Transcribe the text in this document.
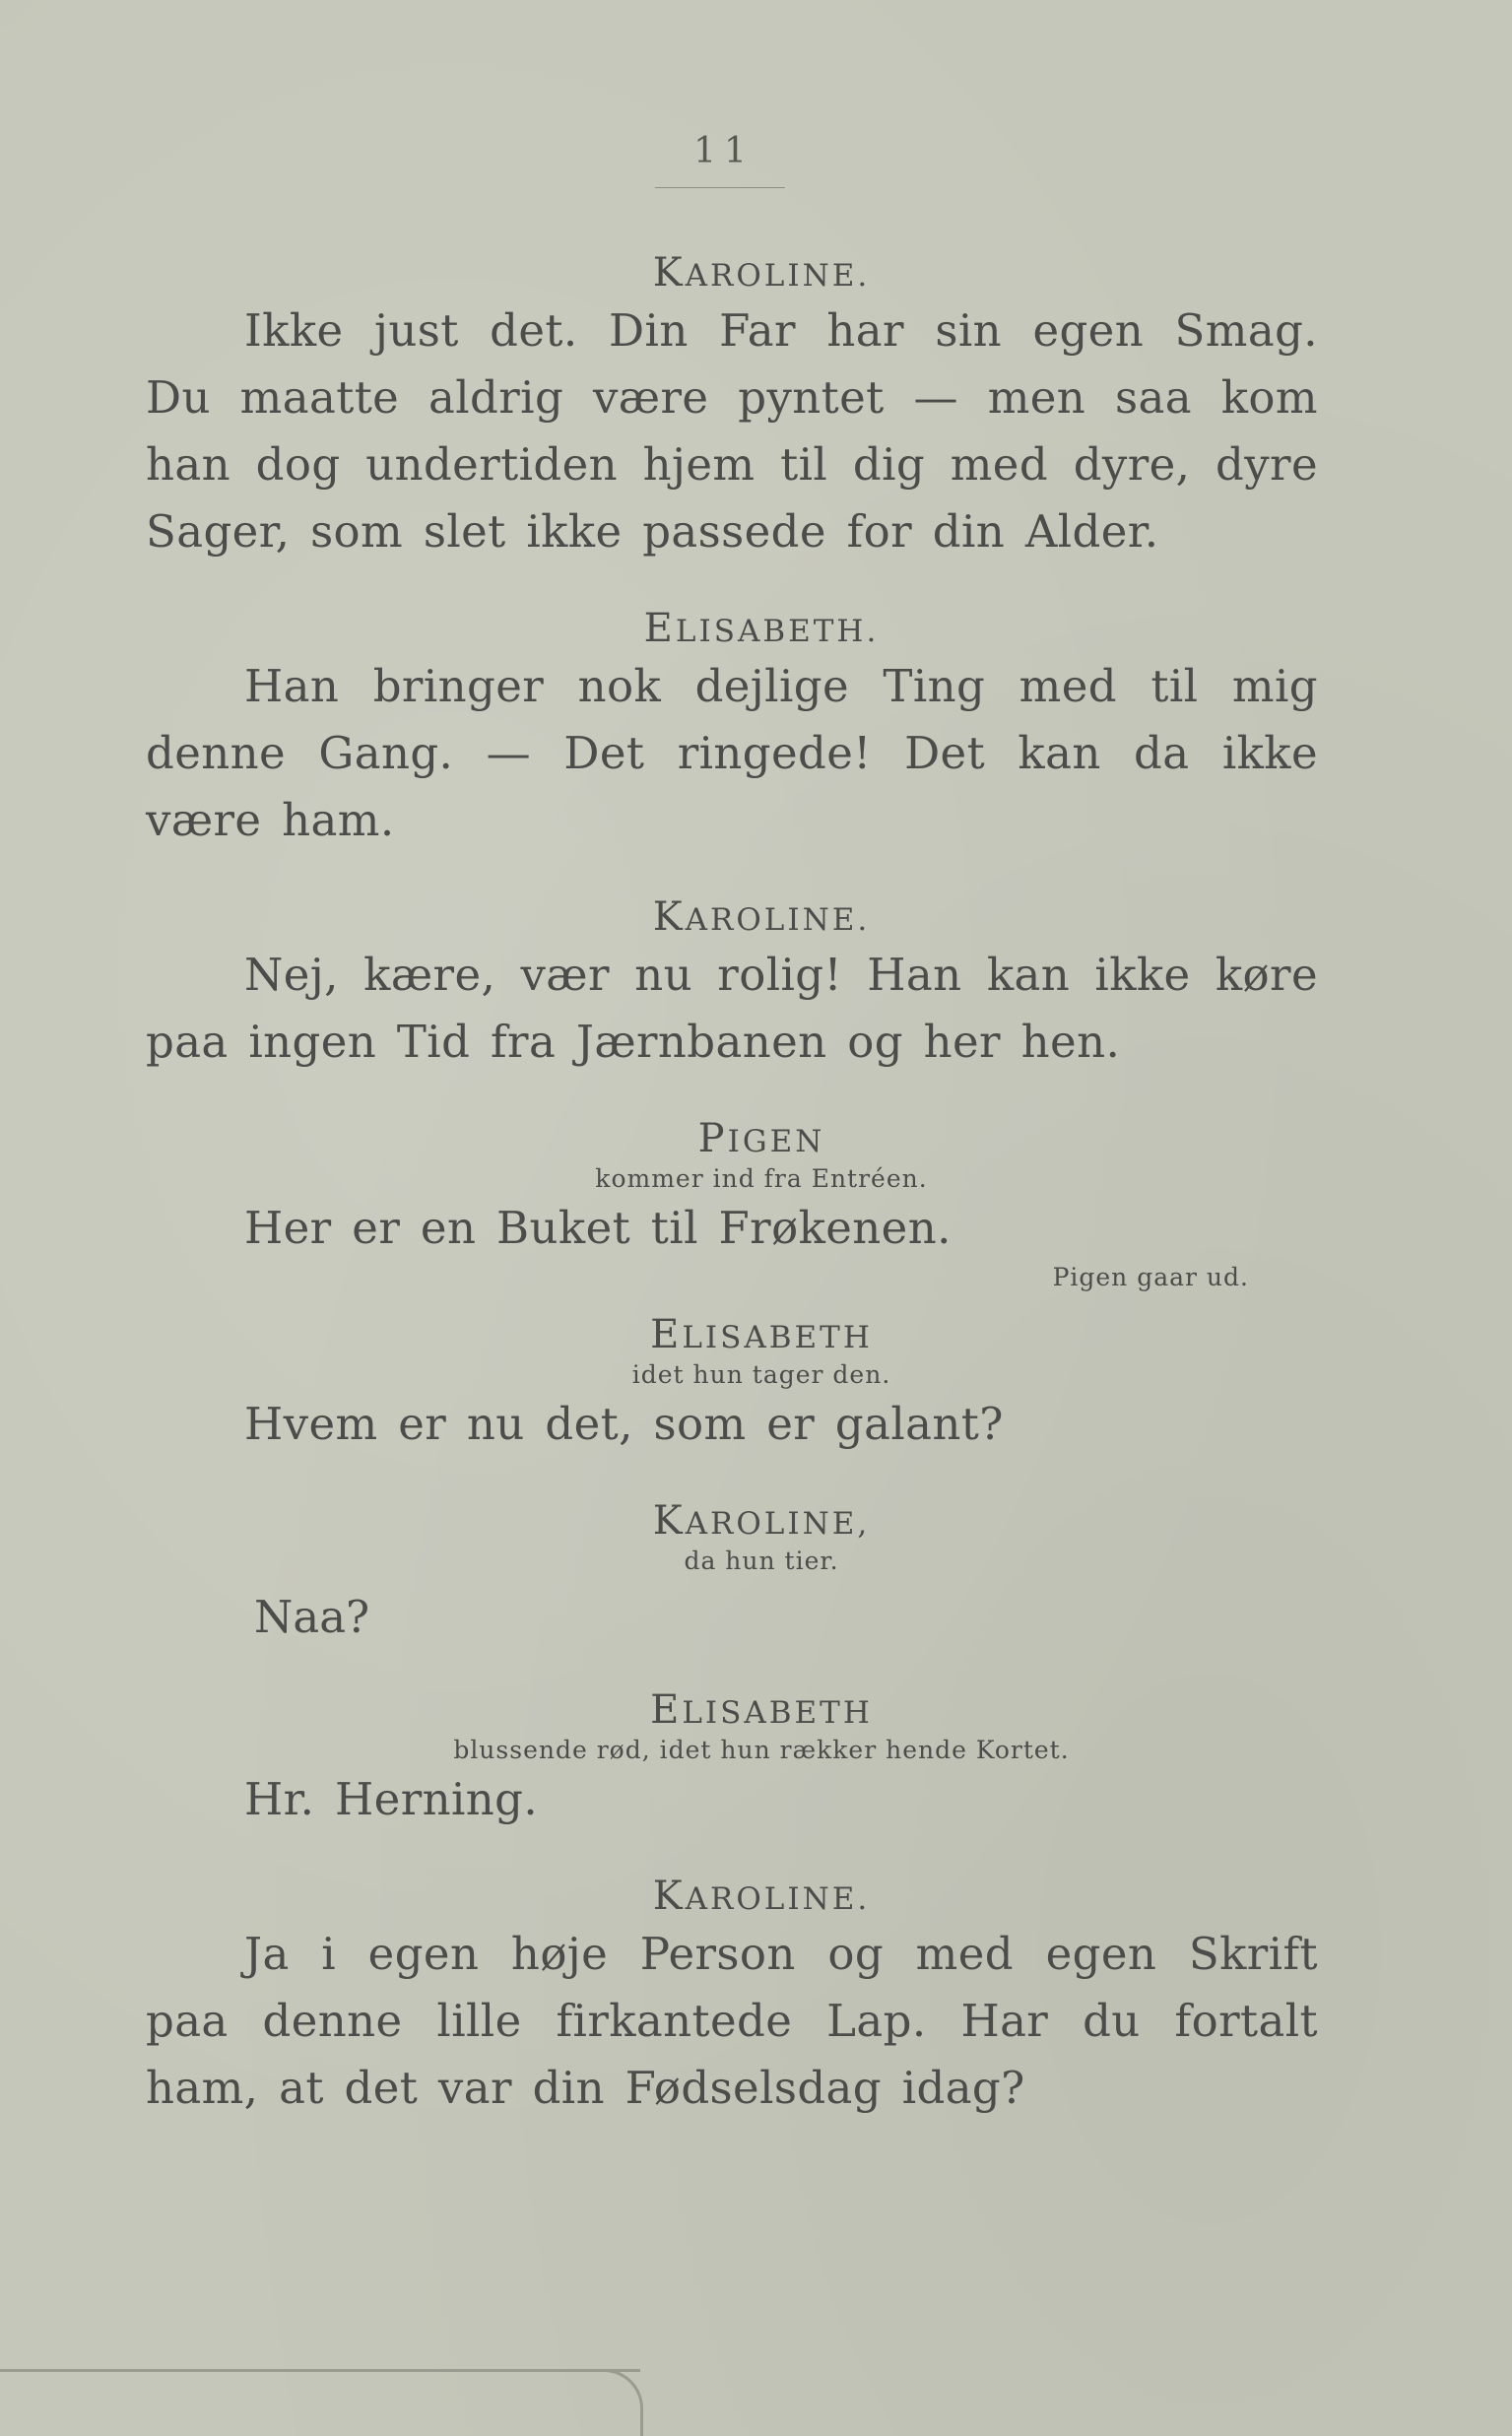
11
KAROLINE.

Ikke just det. Din Far har sin egen Smag. Du maatte aldrig være pyntet — men saa kom han dog undertiden hjem til dig med dyre, dyre Sager, som slet ikke passede for din Alder.

ELISABETH.

Han bringer nok dejlige Ting med til mig denne Gang. — Det ringede! Det kan da ikke være ham.

KAROLINE.

Nej, kære, vær nu rolig! Han kan ikke køre paa ingen Tid fra Jærnbanen og her hen.

PIGEN
kommer ind fra Entréen.

Her er en Buket til Frøkenen.

Pigen gaar ud.
ELISABETH
idet hun tager den.

Hvem er nu det, som er galant?

KAROLINE,
da hun tier.
Naa?
ELISABETH
blussende rød, idet hun rækker hende Kortet.

Hr. Herning.

KAROLINE.

Ja i egen høje Person og med egen Skrift paa denne lille firkantede Lap. Har du fortalt ham, at det var din Fødselsdag idag?
